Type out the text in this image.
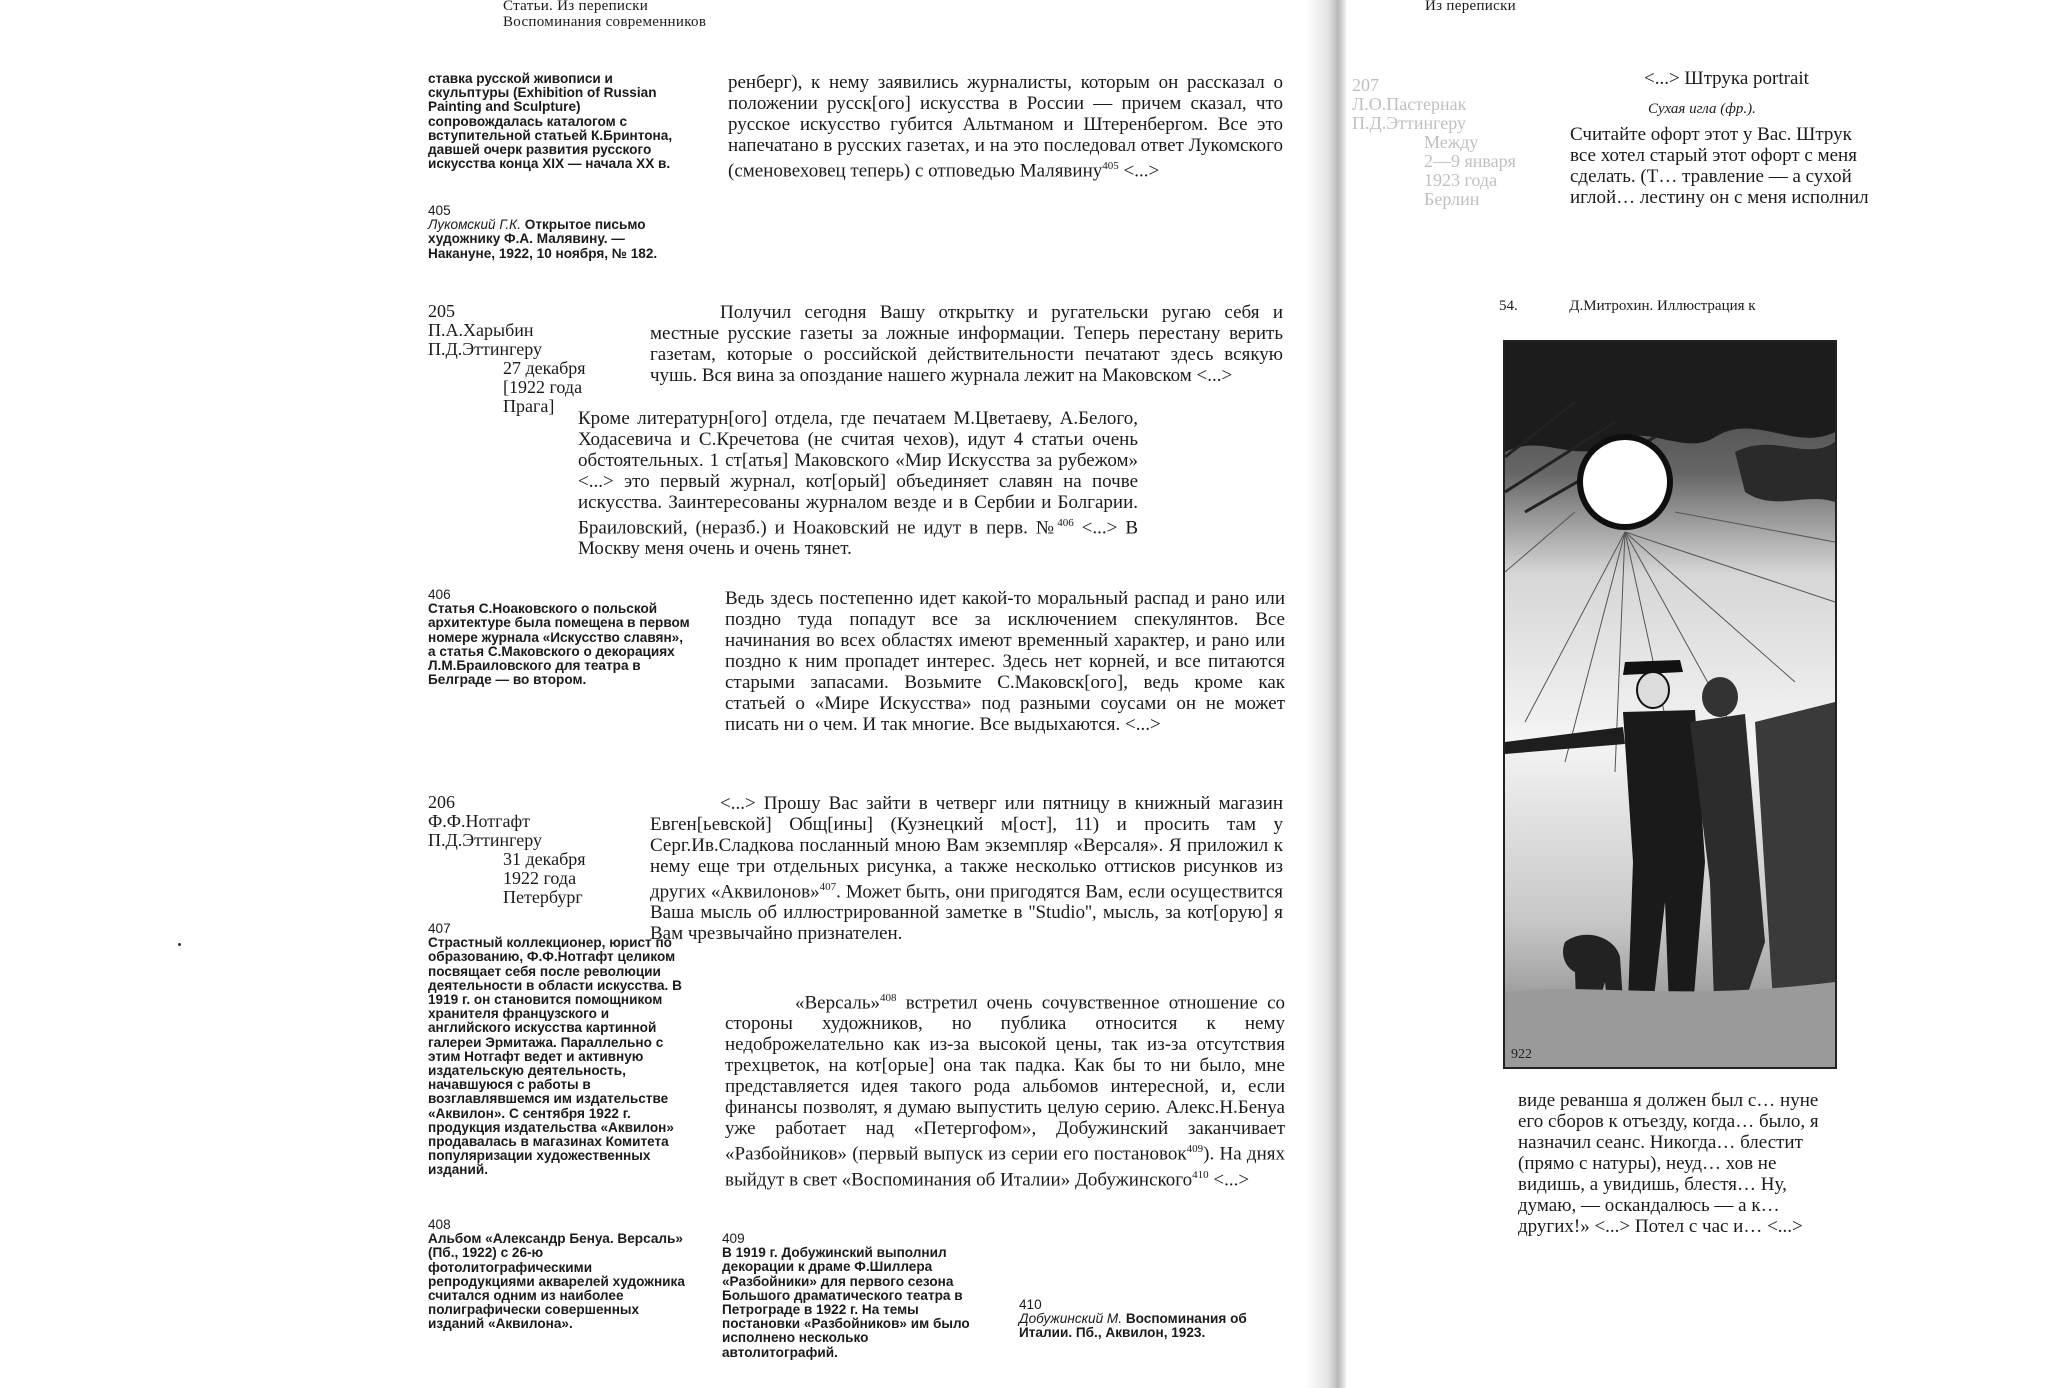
Статьи. Из переписки
Воспоминания современников

ставка русской живописи и скульптуры (Exhibition of Russian Painting and Sculpture) сопровождалась каталогом с вступительной статьей К.Бринтона, давшей очерк развития русского искусства конца XIX — начала XX в.

405

Лукомский Г.К. Открытое письмо художнику Ф.А. Малявину. — Накануне, 1922, 10 ноября, № 182.

ренберг), к нему заявились журналисты, которым он рассказал о положении русск[ого] искусства в России — причем сказал, что русское искусство губится Альтманом и Штеренбергом. Все это напечатано в русских газетах, и на это последовал ответ Лукомского (сменовеховец теперь) с отповедью Малявину$^{405}$ <...>

205
П.А.Харыбин
П.Д.Эттингеру
27 декабря
[1922 года
Прага]

Получил сегодня Вашу открытку и ругательски ругаю себя и местные русские газеты за ложные информации. Теперь перестану верить газетам, которые о российской действительности печатают здесь всякую чушь. Вся вина за опоздание нашего журнала лежит на Маковском <...>

Кроме литературн[ого] отдела, где печатаем М.Цветаеву, А.Белого, Ходасевича и С.Кречетова (не считая чехов), идут 4 статьи очень обстоятельных. 1 ст[атья] Маковского «Мир Искусства за рубежом» <...> это первый журнал, кот[орый] объединяет славян на почве искусства. Заинтересованы журналом везде и в Сербии и Болгарии. Браиловский, (неразб.) и Ноаковский не идут в перв. №$^{406}$ <...> В Москву меня очень и очень тянет.

Ведь здесь постепенно идет какой-то моральный распад и рано или поздно туда попадут все за исключением спекулянтов. Все начинания во всех областях имеют временный характер, и рано или поздно к ним пропадет интерес. Здесь нет корней, и все питаются старыми запасами. Возьмите С.Маковск[ого], ведь кроме как статьей о «Мире Искусства» под разными соусами он не может писать ни о чем. И так многие. Все выдыхаются. <...>

406

Статья С.Ноаковского о польской архитектуре была помещена в первом номере журнала «Искусство славян», а статья С.Маковского о декорациях Л.М.Браиловского для театра в Белграде — во втором.

206
Ф.Ф.Нотгафт
П.Д.Эттингеру
31 декабря
1922 года
Петербург

<...> Прошу Вас зайти в четверг или пятницу в книжный магазин Евген[ьевской] Общ[ины] (Кузнецкий м[ост], 11) и просить там у Серг.Ив.Сладкова посланный мною Вам экземпляр «Версаля». Я приложил к нему еще три отдельных рисунка, а также несколько оттисков рисунков из других «Аквилонов»$^{407}$. Может быть, они пригодятся Вам, если осуществится Ваша мысль об иллюстрированной заметке в ''Studio'', мысль, за кот[орую] я Вам чрезвычайно признателен.

«Версаль»$^{408}$ встретил очень сочувственное отношение со стороны художников, но публика относится к нему недоброжелательно как из-за высокой цены, так из-за отсутствия трехцветок, на кот[орые] она так падка. Как бы то ни было, мне представляется идея такого рода альбомов интересной, и, если финансы позволят, я думаю выпустить целую серию. Алекс.Н.Бенуа уже работает над «Петергофом», Добужинский заканчивает «Разбойников» (первый выпуск из серии его постановок$^{409}$). На днях выйдут в свет «Воспоминания об Италии» Добужинского$^{410}$ <...>

407

Страстный коллекционер, юрист по образованию, Ф.Ф.Нотгафт целиком посвящает себя после революции деятельности в области искусства. В 1919 г. он становится помощником хранителя французского и английского искусства картинной галереи Эрмитажа. Параллельно с этим Нотгафт ведет и активную издательскую деятельность, начавшуюся с работы в возглавлявшемся им издательстве «Аквилон». С сентября 1922 г. продукция издательства «Аквилон» продавалась в магазинах Комитета популяризации художественных изданий.

408

Альбом «Александр Бенуа. Версаль» (Пб., 1922) с 26-ю фотолитографическими репродукциями акварелей художника считался одним из наиболее полиграфически совершенных изданий «Аквилона».

409

В 1919 г. Добужинский выполнил декорации к драме Ф.Шиллера «Разбойники» для первого сезона Большого драматического театра в Петрограде в 1922 г. На темы постановки «Разбойников» им было исполнено несколько автолитографий.

410

Добужинский М. Воспоминания об Италии. Пб., Аквилон, 1923.

Из переписки
207
Л.О.Пастернак
П.Д.Эттингеру
Между
2—9 января
1923 года
Берлин
<...> Штрука portrait
Сухая игла (фр.).
Считайте офорт этот у Вас. Штрук все хотел старый этот офорт с меня сделать. (Т… травление — а сухой иглой… лестину он с меня исполнил
54.	Д.Митрохин. Иллюстрация к
922
виде реванша я должен был с… нуне его сборов к отъезду, когда… было, я назначил сеанс. Никогда… блестит (прямо с натуры), неуд… хов не видишь, а увидишь, блестя… Ну, думаю, — оскандалюсь — а к… других!» <...> Потел с час и… <...>
